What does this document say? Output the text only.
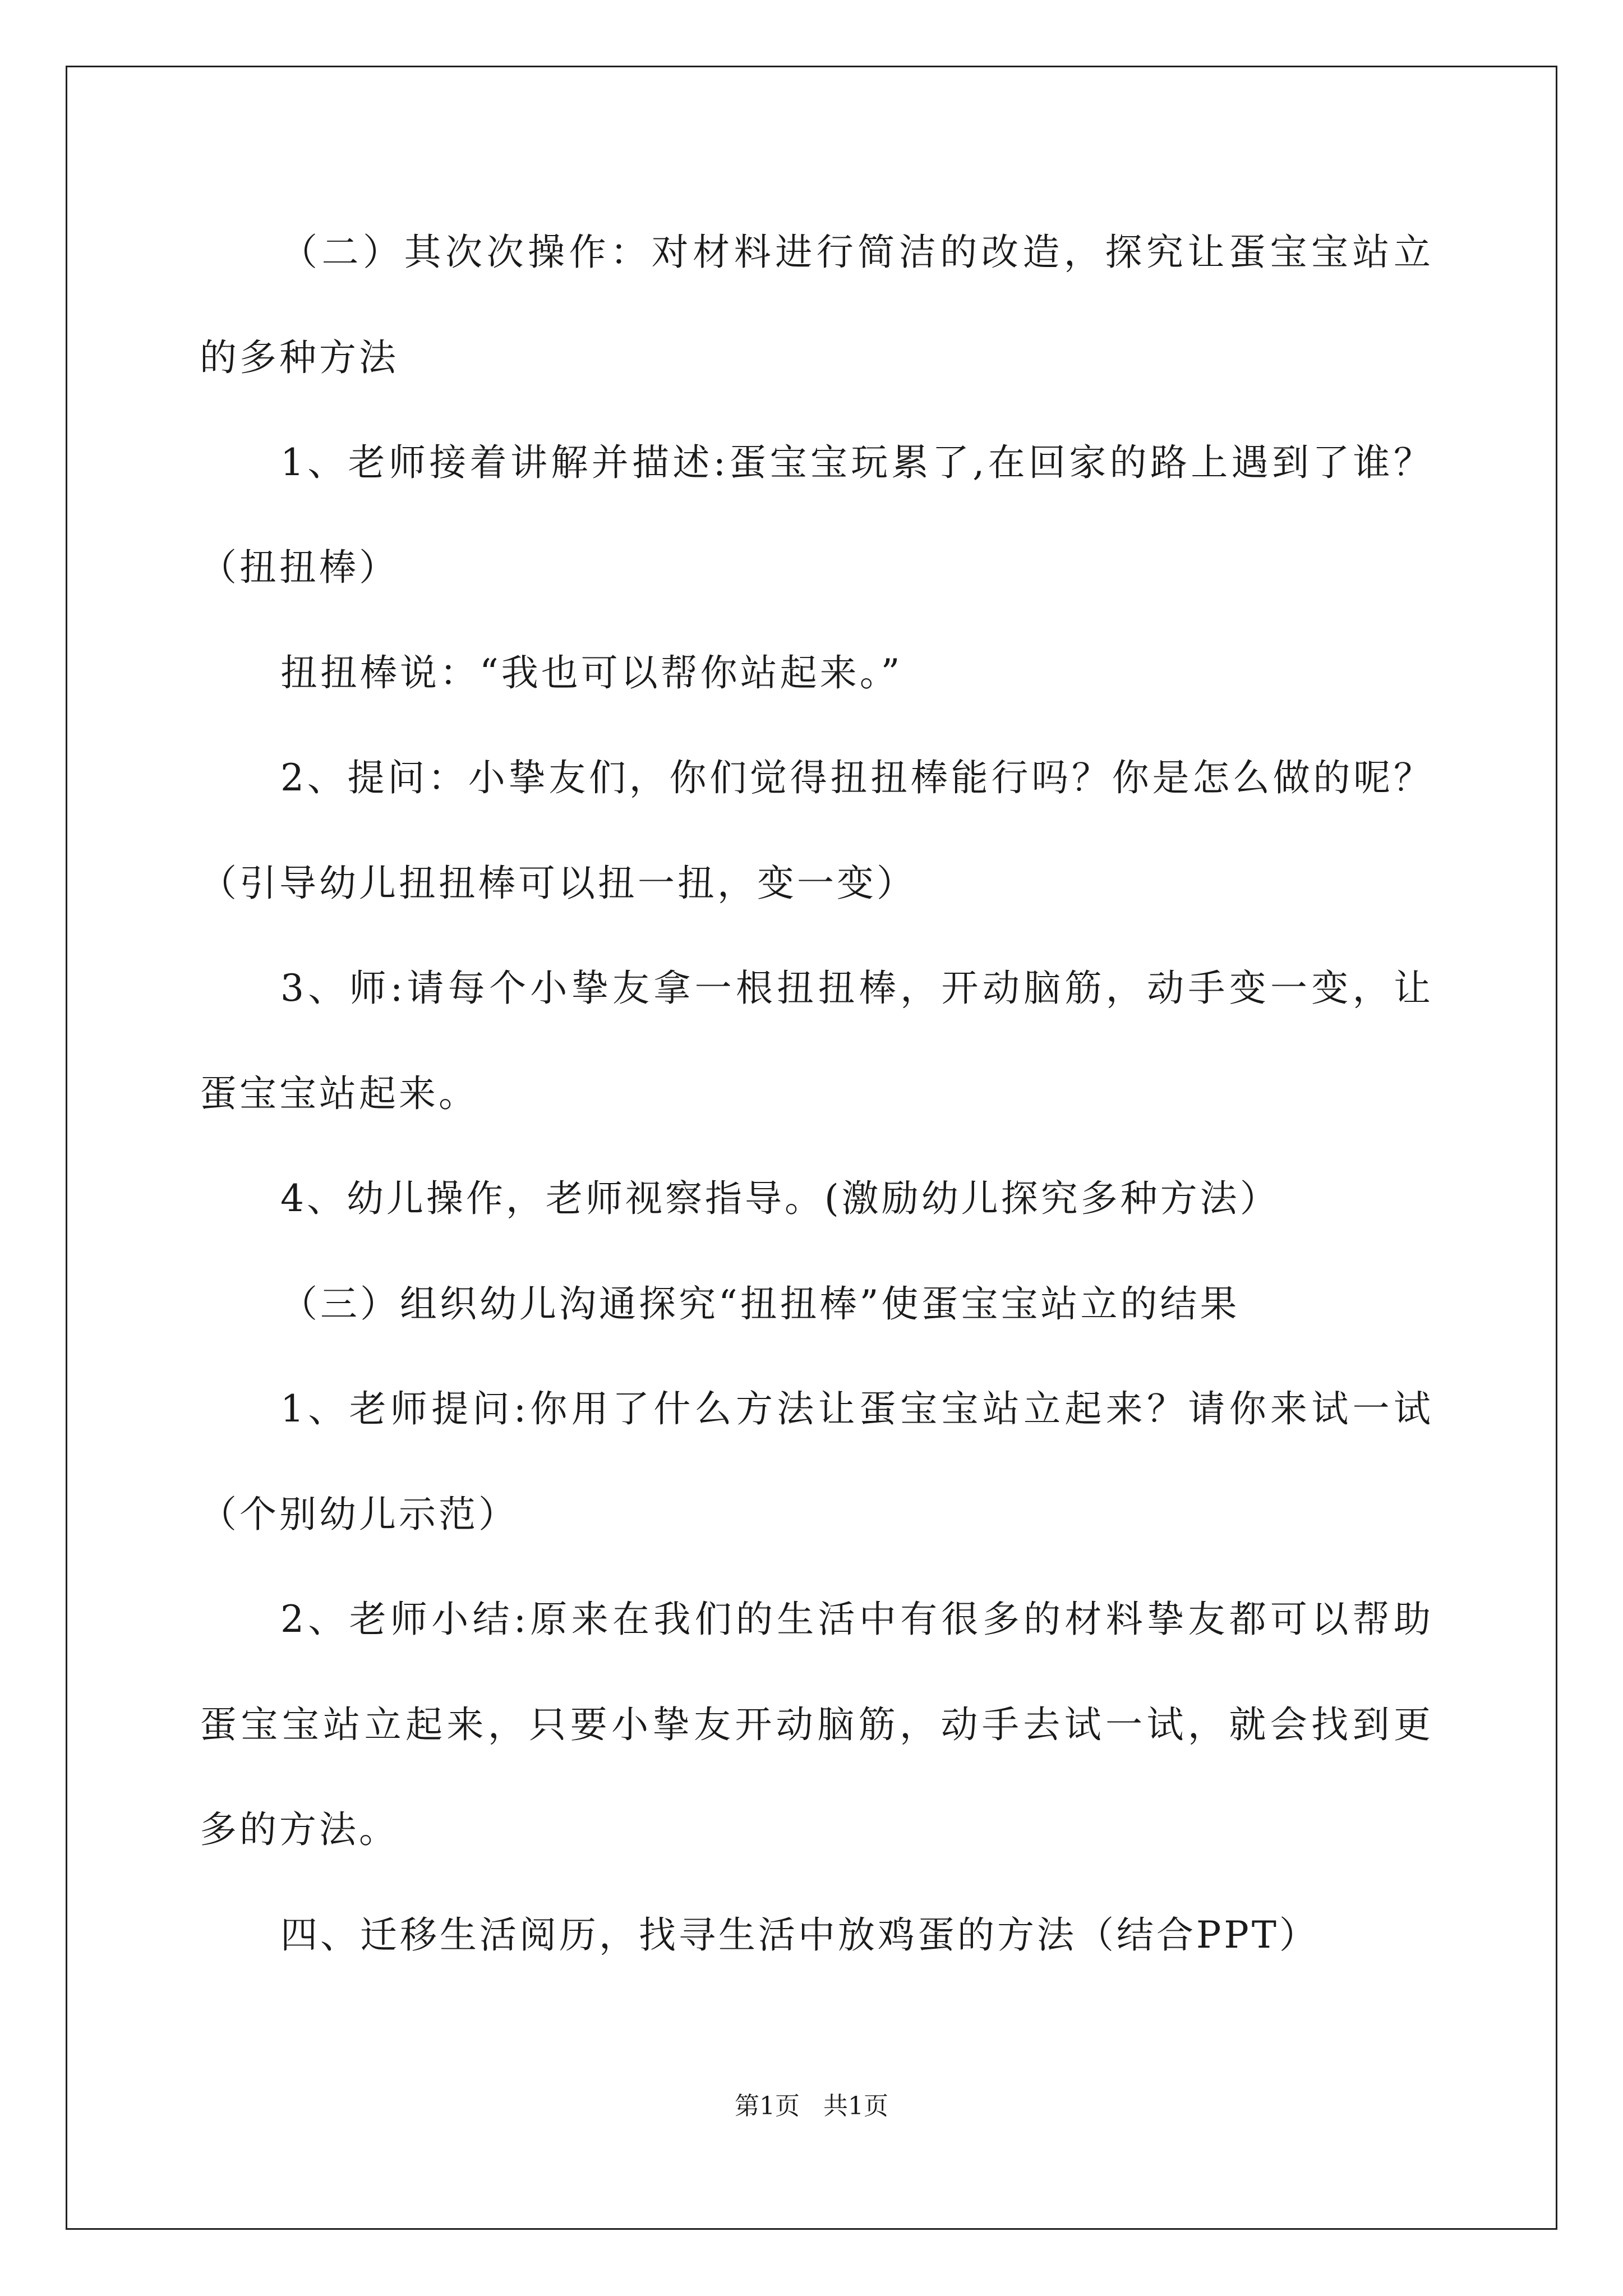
（二）其次次操作：对材料进行简洁的改造，探究让蛋宝宝站立
的多种方法
1、老师接着讲解并描述:蛋宝宝玩累了,在回家的路上遇到了谁？
（扭扭棒）
扭扭棒说：“我也可以帮你站起来。”
2、提问：小挚友们，你们觉得扭扭棒能行吗？你是怎么做的呢？
（引导幼儿扭扭棒可以扭一扭，变一变）
3、师:请每个小挚友拿一根扭扭棒，开动脑筋，动手变一变，让
蛋宝宝站起来。
4、幼儿操作，老师视察指导。(激励幼儿探究多种方法）
（三）组织幼儿沟通探究“扭扭棒”使蛋宝宝站立的结果
1、老师提问:你用了什么方法让蛋宝宝站立起来？请你来试一试
（个别幼儿示范）
2、老师小结:原来在我们的生活中有很多的材料挚友都可以帮助
蛋宝宝站立起来，只要小挚友开动脑筋，动手去试一试，就会找到更
多的方法。
四、迁移生活阅历，找寻生活中放鸡蛋的方法（结合PPT）
第1页   共1页
